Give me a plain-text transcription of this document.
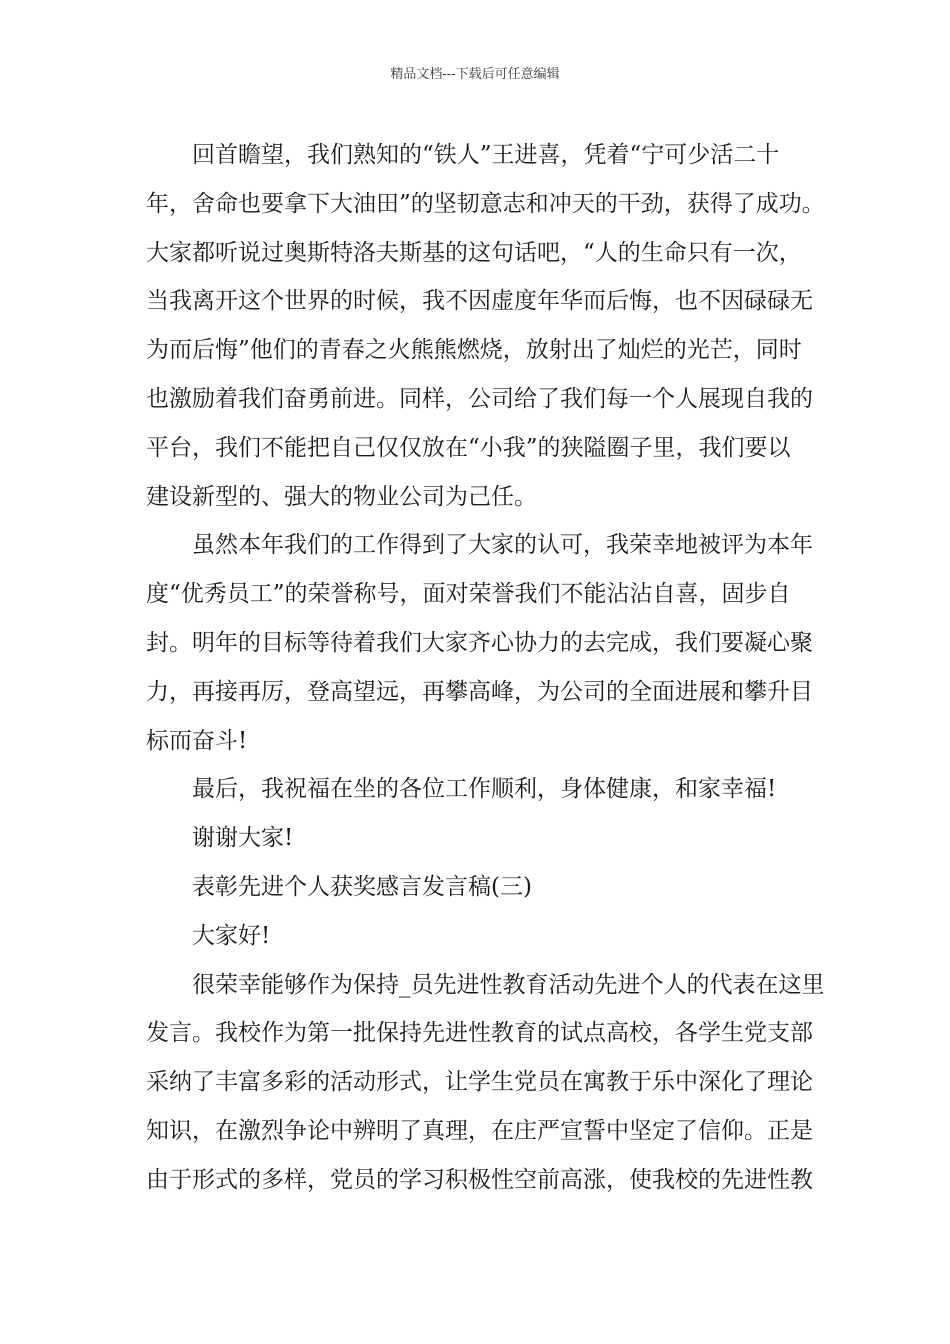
精品文档---下载后可任意编辑

回首瞻望，我们熟知的“铁人”王进喜，凭着“宁可少活二十
年，舍命也要拿下大油田”的坚韧意志和冲天的干劲，获得了成功。
大家都听说过奥斯特洛夫斯基的这句话吧，“人的生命只有一次，
当我离开这个世界的时候，我不因虚度年华而后悔，也不因碌碌无
为而后悔”他们的青春之火熊熊燃烧，放射出了灿烂的光芒，同时
也激励着我们奋勇前进。同样，公司给了我们每一个人展现自我的
平台，我们不能把自己仅仅放在“小我”的狭隘圈子里，我们要以
建设新型的、强大的物业公司为己任。

虽然本年我们的工作得到了大家的认可，我荣幸地被评为本年
度“优秀员工”的荣誉称号，面对荣誉我们不能沾沾自喜，固步自
封。明年的目标等待着我们大家齐心协力的去完成，我们要凝心聚
力，再接再厉，登高望远，再攀高峰，为公司的全面进展和攀升目
标而奋斗!

最后，我祝福在坐的各位工作顺利，身体健康，和家幸福!

谢谢大家!

表彰先进个人获奖感言发言稿(三)

大家好!

很荣幸能够作为保持_员先进性教育活动先进个人的代表在这里
发言。我校作为第一批保持先进性教育的试点高校，各学生党支部
采纳了丰富多彩的活动形式，让学生党员在寓教于乐中深化了理论
知识，在激烈争论中辨明了真理，在庄严宣誓中坚定了信仰。正是
由于形式的多样，党员的学习积极性空前高涨，使我校的先进性教
